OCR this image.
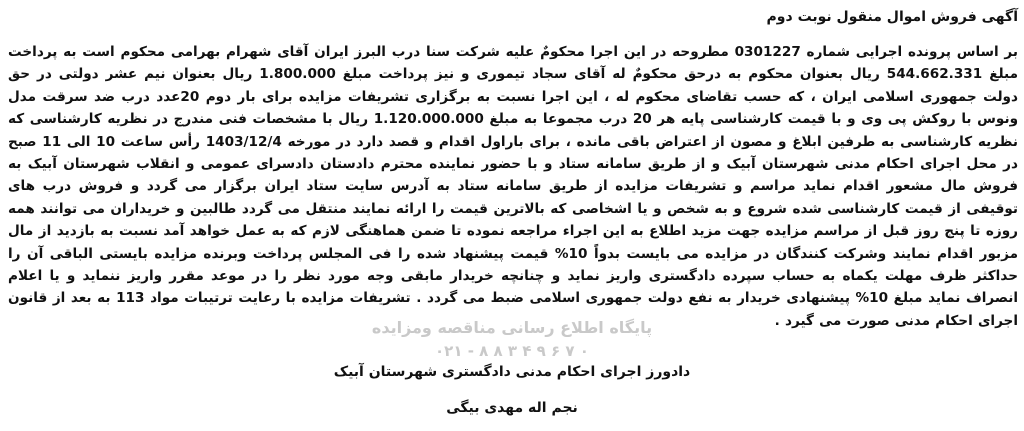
پایگاه اطلاع رسانی مناقصه ومزایده
۰۲۱ - ۸ ۸ ۳ ۴ ۹ ۶ ۷ ۰
آگهی فروش اموال منقول نوبت دوم

بر اساس پرونده اجرایی شماره 0301227 مطروحه در این اجرا محکومٌ علیه شرکت سنا درب البرز ایران آقای شهرام بهرامی محکوم است به پرداخت مبلغ 544.662.331 ریال بعنوان محکوم به درحق محکومٌ له آقای سجاد تیموری و نیز پرداخت مبلغ 1.800.000 ریال بعنوان نیم عشر دولتی در حق دولت جمهوری اسلامی ایران ، که حسب تقاضای محکوم له ، این اجرا نسبت به برگزاری تشریفات مزایده برای بار دوم 20عدد درب ضد سرقت مدل ونوس با روکش پی وی و با قیمت کارشناسی پایه هر 20 درب مجموعا به مبلغ 1.120.000.000 ریال با مشخصات فنی مندرج در نظریه کارشناسی که نظریه کارشناسی به طرفین ابلاغ و مصون از اعتراض باقی مانده ، برای باراول اقدام و قصد دارد در مورخه 1403/12/4 رأس ساعت 10 الی 11 صبح در محل اجرای احکام مدنی شهرستان آبیک و از طریق سامانه ستاد و با حضور نماینده محترم دادستان دادسرای عمومی و انقلاب شهرستان آبیک به فروش مال مشعور اقدام نماید مراسم و تشریفات مزایده از طریق سامانه ستاد به آدرس سایت ستاد ایران برگزار می گردد و فروش درب های توقیفی از قیمت کارشناسی شده شروع و به شخص و یا اشخاصی که بالاترین قیمت را ارائه نمایند منتقل می گردد طالبین و خریداران می توانند همه روزه تا پنج روز قبل از مراسم مزایده جهت مزید اطلاع به این اجراء مراجعه نموده تا ضمن هماهنگی لازم که به عمل خواهد آمد نسبت به بازدید از مال مزبور اقدام نمایند وشرکت کنندگان در مزایده می بایست بدواً 10% قیمت پیشنهاد شده را فی المجلس پرداخت وبرنده مزایده بایستی الباقی آن را حداکثر ظرف مهلت یکماه به حساب سپرده دادگستری واریز نماید و چنانچه خریدار مابقی وجه مورد نظر را در موعد مقرر واریز ننماید و یا اعلام انصراف نماید مبلغ 10% پیشنهادی خریدار به نفع دولت جمهوری اسلامی ضبط می گردد . تشریفات مزایده با رعایت ترتیبات مواد 113 به بعد از قانون اجرای احکام مدنی صورت می گیرد .

دادورز اجرای احکام مدنی دادگستری شهرستان آبیک

نجم اله مهدی بیگی
